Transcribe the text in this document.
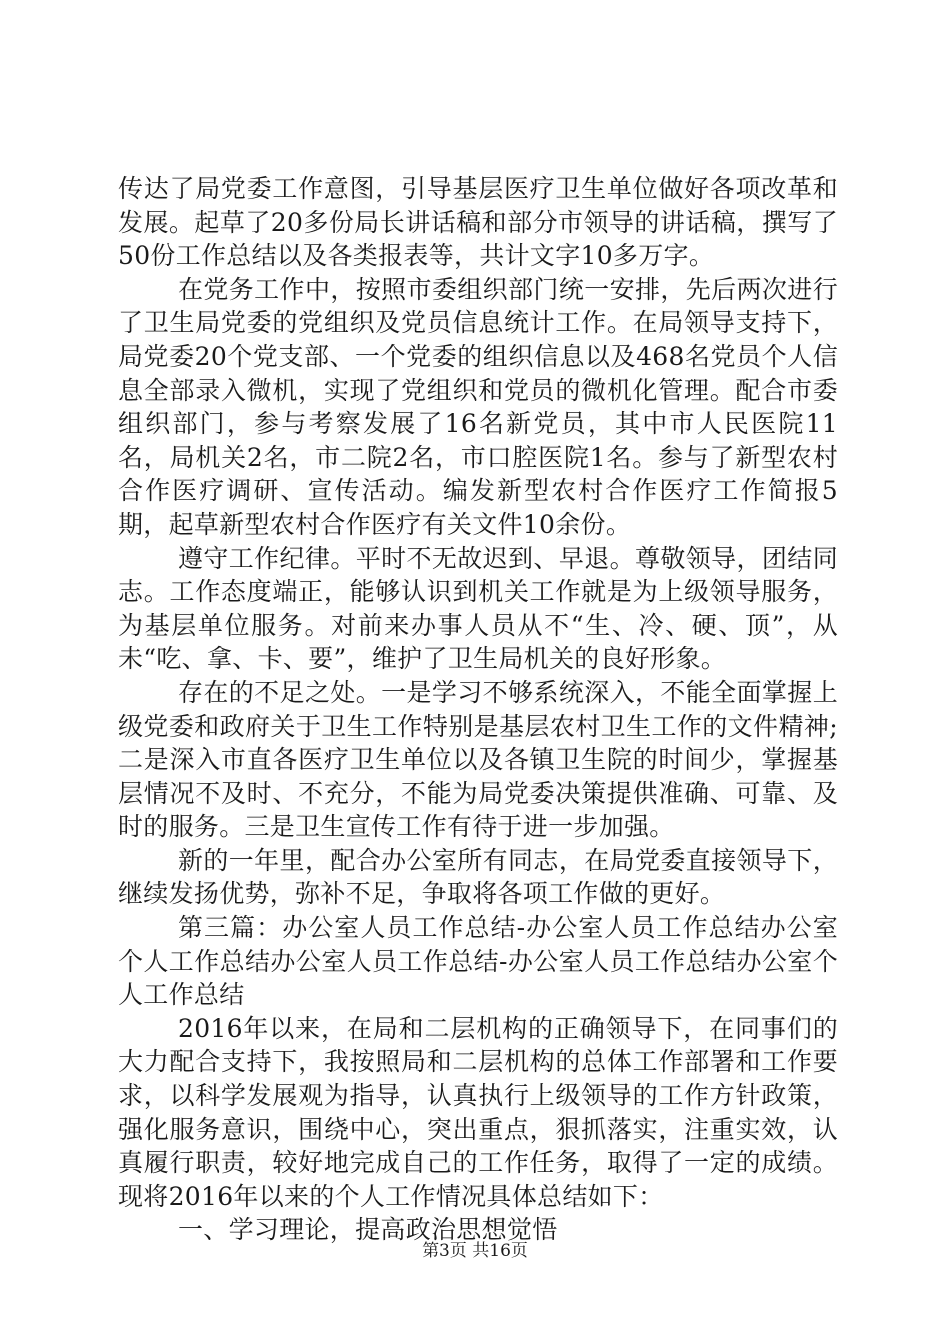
传达了局党委工作意图，引导基层医疗卫生单位做好各项改革和发展。起草了20多份局长讲话稿和部分市领导的讲话稿，撰写了50份工作总结以及各类报表等，共计文字10多万字。

在党务工作中，按照市委组织部门统一安排，先后两次进行了卫生局党委的党组织及党员信息统计工作。在局领导支持下，局党委20个党支部、一个党委的组织信息以及468名党员个人信息全部录入微机，实现了党组织和党员的微机化管理。配合市委组织部门，参与考察发展了16名新党员，其中市人民医院11名，局机关2名，市二院2名，市口腔医院1名。参与了新型农村合作医疗调研、宣传活动。编发新型农村合作医疗工作简报5期，起草新型农村合作医疗有关文件10余份。

遵守工作纪律。平时不无故迟到、早退。尊敬领导，团结同志。工作态度端正，能够认识到机关工作就是为上级领导服务，为基层单位服务。对前来办事人员从不“生、冷、硬、顶”，从未“吃、拿、卡、要”，维护了卫生局机关的良好形象。

存在的不足之处。一是学习不够系统深入，不能全面掌握上级党委和政府关于卫生工作特别是基层农村卫生工作的文件精神;二是深入市直各医疗卫生单位以及各镇卫生院的时间少，掌握基层情况不及时、不充分，不能为局党委决策提供准确、可靠、及时的服务。三是卫生宣传工作有待于进一步加强。

新的一年里，配合办公室所有同志，在局党委直接领导下，继续发扬优势，弥补不足，争取将各项工作做的更好。

第三篇：办公室人员工作总结-办公室人员工作总结办公室个人工作总结办公室人员工作总结-办公室人员工作总结办公室个人工作总结

2016年以来，在局和二层机构的正确领导下，在同事们的大力配合支持下，我按照局和二层机构的总体工作部署和工作要求，以科学发展观为指导，认真执行上级领导的工作方针政策，强化服务意识，围绕中心，突出重点，狠抓落实，注重实效，认真履行职责，较好地完成自己的工作任务，取得了一定的成绩。现将2016年以来的个人工作情况具体总结如下：

一、学习理论，提高政治思想觉悟

第3页 共16页
